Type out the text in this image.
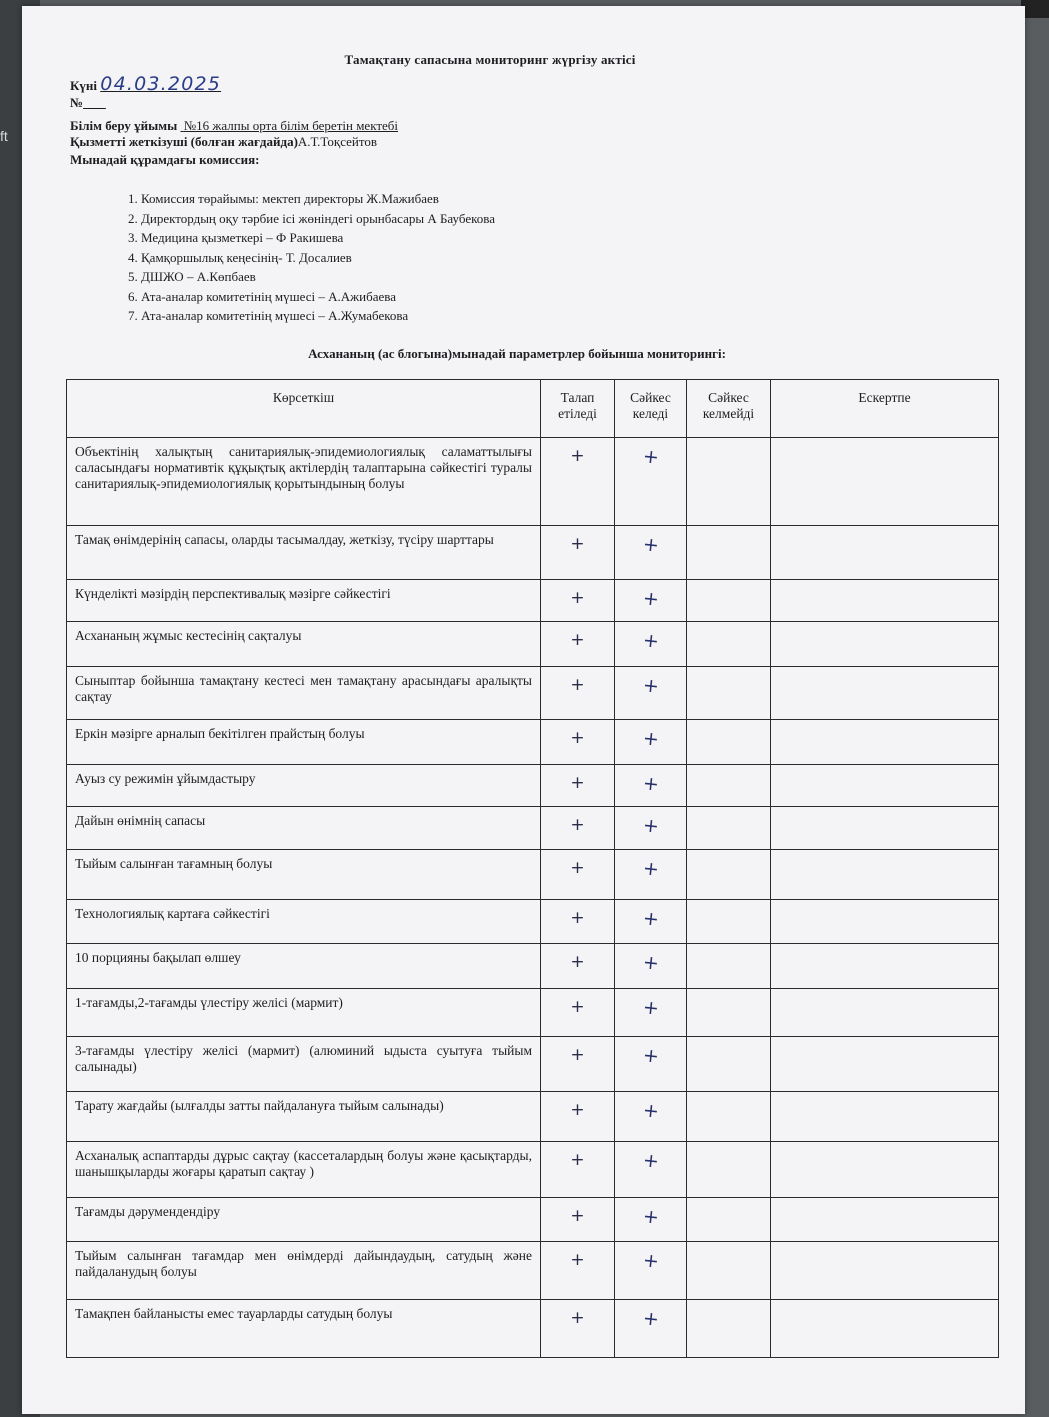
ft
Тамақтану сапасына мониторинг жүргізу актісі
Күні 04.03.2025
№
Білім беру ұйымы №16 жалпы орта білім беретін мектебі
Қызметті жеткізуші (болған жағдайда)А.Т.Тоқсейтов
Мынадай құрамдағы комиссия:
1. Комиссия төрайымы: мектеп директоры Ж.Мажибаев
2. Директордың оқу тәрбие ісі жөніндегі орынбасары А Баубекова
3. Медицина қызметкері – Ф Ракишева
4. Қамқоршылық кеңесінің- Т. Досалиев
5. ДШЖО – А.Көпбаев
6. Ата-аналар комитетінің мүшесі – А.Ажибаева
7. Ата-аналар комитетінің мүшесі – А.Жумабекова
Асхананың (ас блогына)мынадай параметрлер бойынша мониторингі:
Көрсеткіш	Талап етіледі	Сәйкес келеді	Сәйкес келмейді	Ескертпе
Объектінің халықтың санитариялық-эпидемиологиялық саламаттылығы саласындағы нормативтік құқықтық актілердің талаптарына сәйкестігі туралы санитариялық-эпидемиологиялық қорытындының болуы	+	+		
Тамақ өнімдерінің сапасы, оларды тасымалдау, жеткізу, түсіру шарттары	+	+		
Күнделікті мәзірдің перспективалық мәзірге сәйкестігі	+	+		
Асхананың жұмыс кестесінің сақталуы	+	+		
Сыныптар бойынша тамақтану кестесі мен тамақтану арасындағы аралықты сақтау	+	+		
Еркін мәзірге арналып бекітілген прайстың болуы	+	+		
Ауыз су режимін ұйымдастыру	+	+		
Дайын өнімнің сапасы	+	+		
Тыйым салынған тағамның болуы	+	+		
Технологиялық картаға сәйкестігі	+	+		
10 порцияны бақылап өлшеу	+	+		
1-тағамды,2-тағамды үлестіру желісі (мармит)	+	+		
3-тағамды үлестіру желісі (мармит) (алюминий ыдыста суытуға тыйым салынады)	+	+		
Тарату жағдайы (ылғалды затты пайдалануға тыйым салынады)	+	+		
Асханалық аспаптарды дұрыс сақтау (кассеталардың болуы және қасықтарды, шанышқыларды жоғары қаратып сақтау )	+	+		
Тағамды дәрумендендіру	+	+		
Тыйым салынған тағамдар мен өнімдерді дайындаудың, сатудың және пайдаланудың болуы	+	+		
Тамақпен байланысты емес тауарларды сатудың болуы	+	+		
